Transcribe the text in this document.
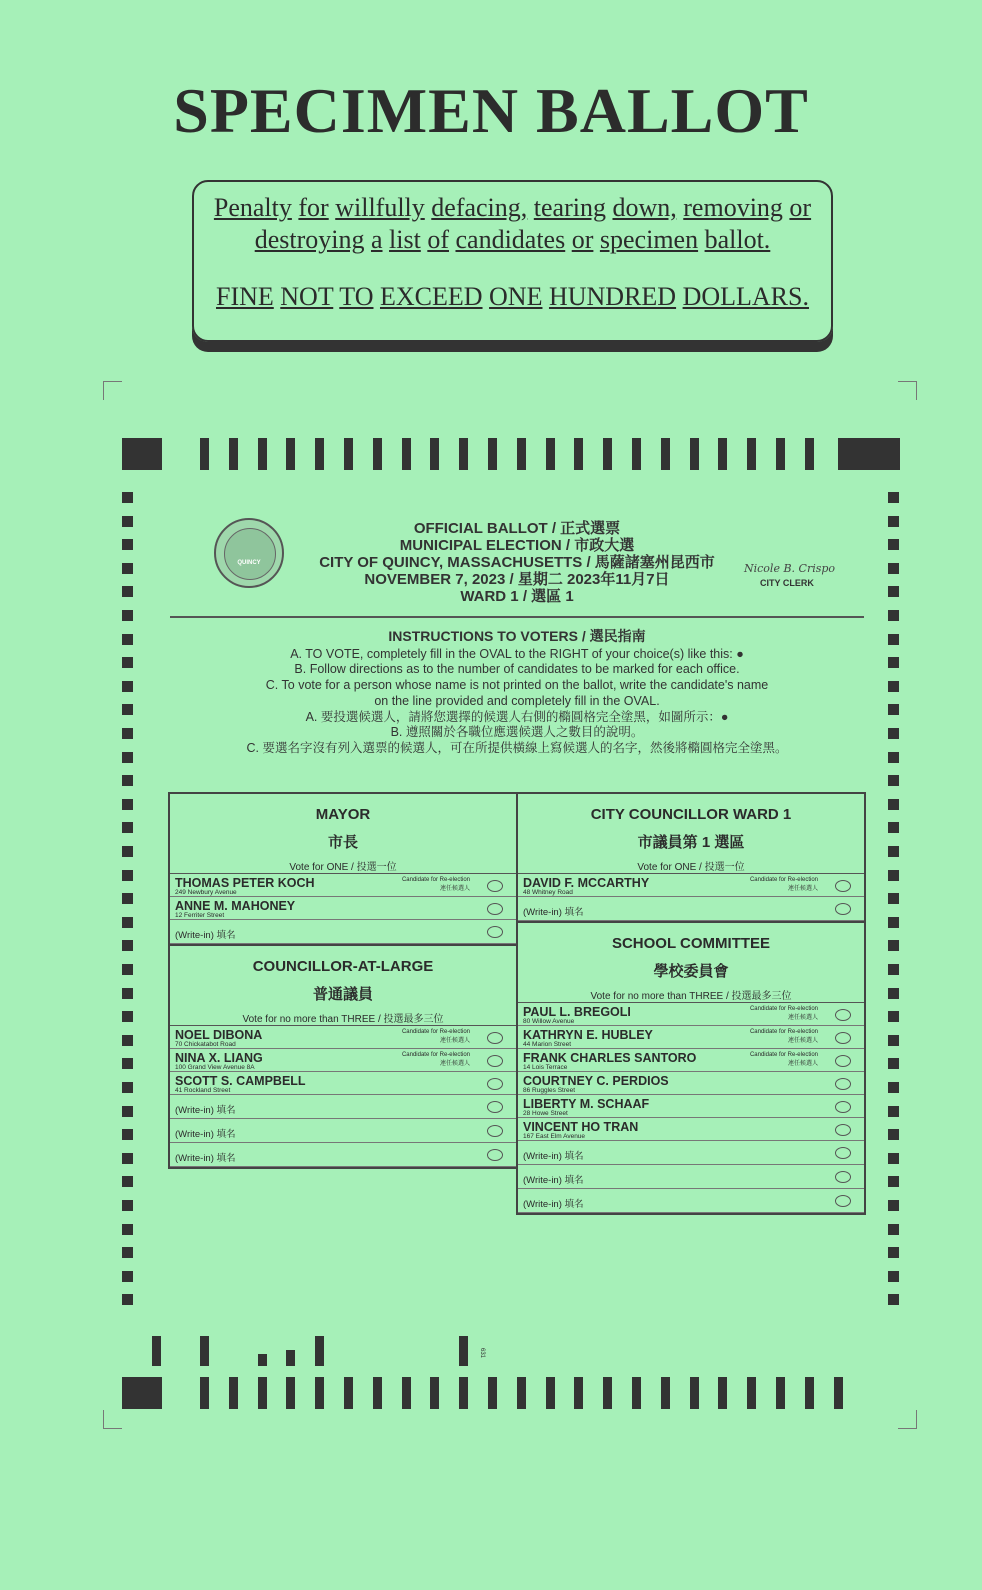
SPECIMEN BALLOT
Penalty for willfully defacing, tearing down, removing or
destroying a list of candidates or specimen ballot.
FINE NOT TO EXCEED ONE HUNDRED DOLLARS.
QUINCY
OFFICIAL BALLOT / 正式選票
MUNICIPAL ELECTION / 市政大選
CITY OF QUINCY, MASSACHUSETTS / 馬薩諸塞州昆西市
NOVEMBER 7, 2023 / 星期二 2023年11月7日
WARD 1 / 選區 1
Nicole B. Crispo
CITY CLERK
INSTRUCTIONS TO VOTERS / 選民指南
A. TO VOTE, completely fill in the OVAL to the RIGHT of your choice(s) like this: ●
B. Follow directions as to the number of candidates to be marked for each office.
C. To vote for a person whose name is not printed on the ballot, write the candidate's name
on the line provided and completely fill in the OVAL.
A. 要投選候選人，請將您選擇的候選人右側的橢圓格完全塗黑，如圖所示：●
B. 遵照關於各職位應選候選人之數目的說明。
C. 要選名字沒有列入選票的候選人，可在所提供橫線上寫候選人的名字，然後將橢圓格完全塗黑。
MAYOR
市長
Vote for ONE / 投選一位
THOMAS PETER KOCH
249 Newbury Avenue
Candidate for Re-election
連任候選人
ANNE M. MAHONEY
12 Ferriter Street
(Write-in) 填名
COUNCILLOR-AT-LARGE
普通議員
Vote for no more than THREE / 投選最多三位
NOEL DIBONA
70 Chickatabot Road
Candidate for Re-election
連任候選人
NINA X. LIANG
100 Grand View Avenue 8A
Candidate for Re-election
連任候選人
SCOTT S. CAMPBELL
41 Rockland Street
(Write-in) 填名
(Write-in) 填名
(Write-in) 填名
CITY COUNCILLOR WARD 1
市議員第 1 選區
Vote for ONE / 投選一位
DAVID F. MCCARTHY
48 Whitney Road
Candidate for Re-election
連任候選人
(Write-in) 填名
SCHOOL COMMITTEE
學校委員會
Vote for no more than THREE / 投選最多三位
PAUL L. BREGOLI
80 Willow Avenue
Candidate for Re-election
連任候選人
KATHRYN E. HUBLEY
44 Marion Street
Candidate for Re-election
連任候選人
FRANK CHARLES SANTORO
14 Lois Terrace
Candidate for Re-election
連任候選人
COURTNEY C. PERDIOS
86 Ruggles Street
LIBERTY M. SCHAAF
28 Howe Street
VINCENT HO TRAN
167 East Elm Avenue
(Write-in) 填名
(Write-in) 填名
(Write-in) 填名
631
